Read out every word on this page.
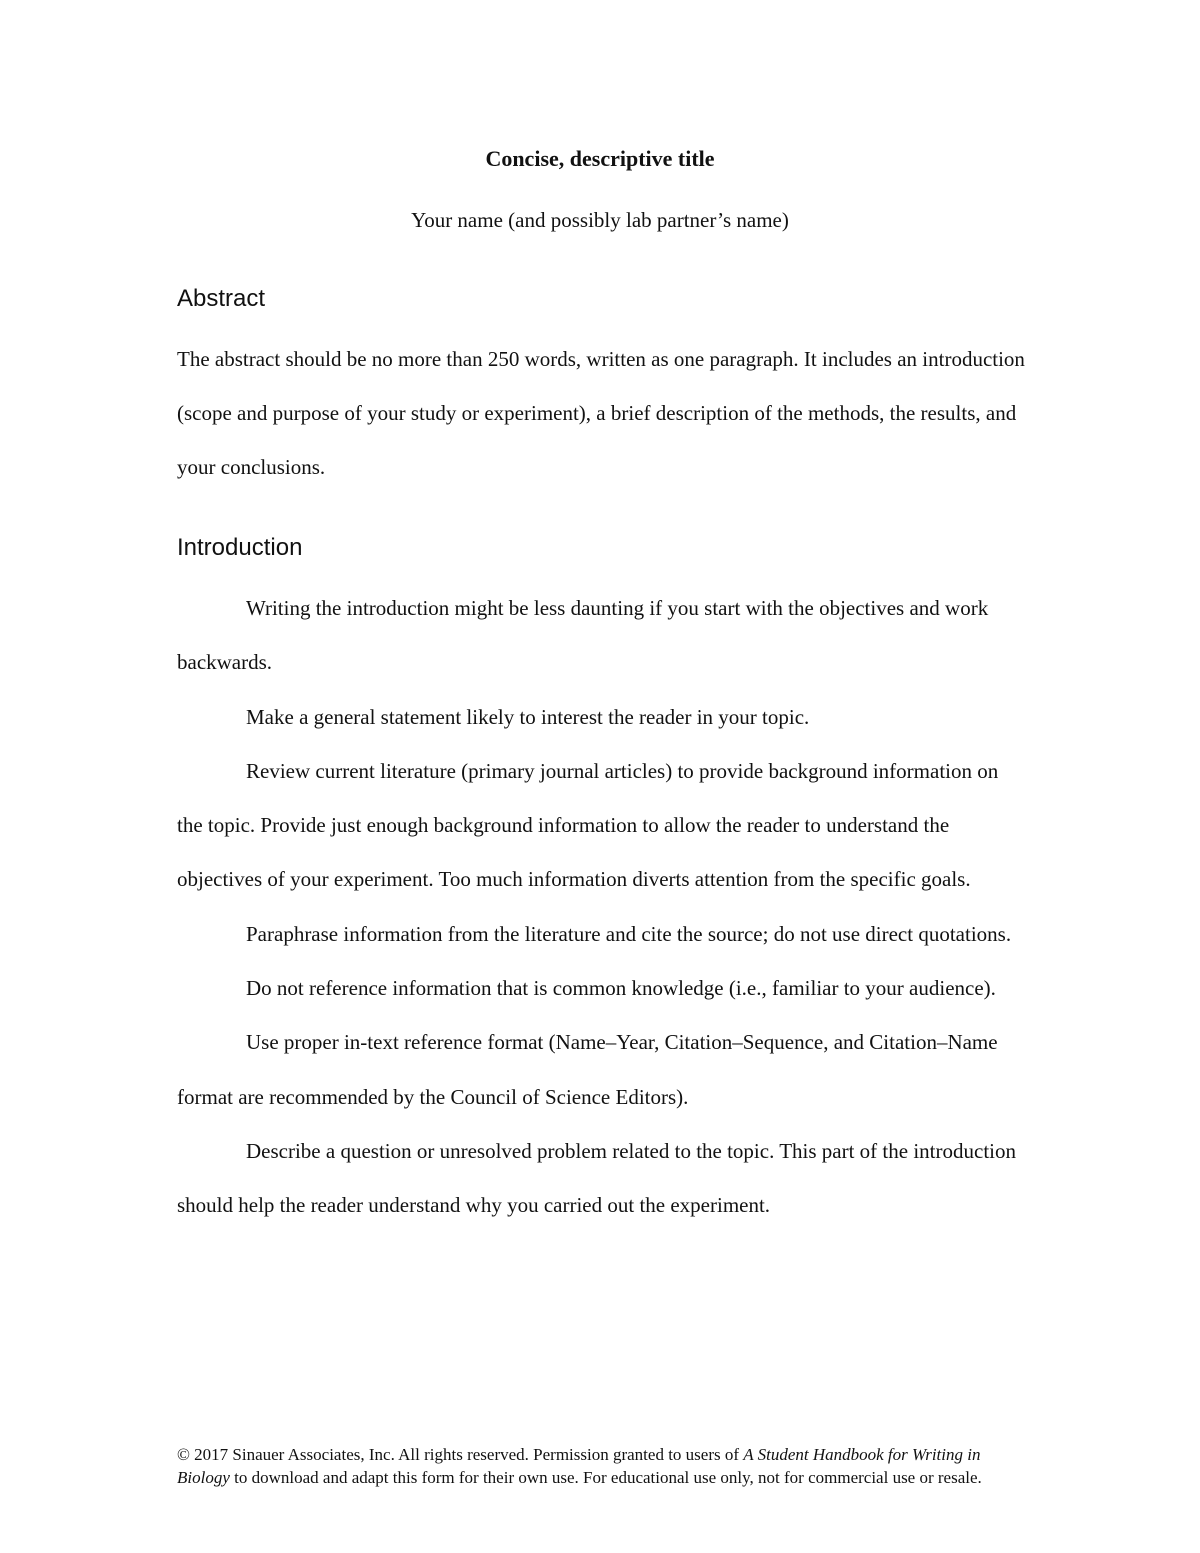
Concise, descriptive title
Your name (and possibly lab partner’s name)
Abstract

The abstract should be no more than 250 words, written as one paragraph. It includes an introduction (scope and purpose of your study or experiment), a brief description of the methods, the results, and your conclusions.

Introduction

Writing the introduction might be less daunting if you start with the objectives and work backwards.

Make a general statement likely to interest the reader in your topic.

Review current literature (primary journal articles) to provide background information on the topic. Provide just enough background information to allow the reader to understand the objectives of your experiment. Too much information diverts attention from the specific goals.

Paraphrase information from the literature and cite the source; do not use direct quotations.

Do not reference information that is common knowledge (i.e., familiar to your audience).

Use proper in-text reference format (Name–Year, Citation–Sequence, and Citation–Name format are recommended by the Council of Science Editors).

Describe a question or unresolved problem related to the topic. This part of the introduction should help the reader understand why you carried out the experiment.

© 2017 Sinauer Associates, Inc. All rights reserved. Permission granted to users of A Student Handbook for Writing in Biology to download and adapt this form for their own use. For educational use only, not for commercial use or resale.
